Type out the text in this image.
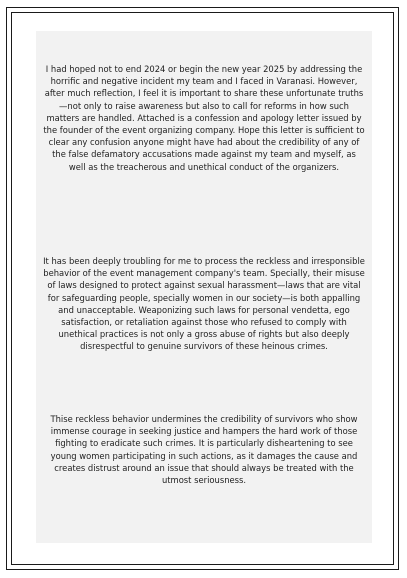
I had hoped not to end 2024 or begin the new year 2025 by addressing the horrific and negative incident my team and I faced in Varanasi. However, after much reflection, I feel it is important to share these unfortunate truths—not only to raise awareness but also to call for reforms in how such matters are handled. Attached is a confession and apology letter issued by the founder of the event organizing company. Hope this letter is sufficient to clear any confusion anyone might have had about the credibility of any of the false defamatory accusations made against my team and myself, as well as the treacherous and unethical conduct of the organizers.

It has been deeply troubling for me to process the reckless and irresponsible behavior of the event management company's team. Specially, their misuse of laws designed to protect against sexual harassment—laws that are vital for safeguarding people, specially women in our society—is both appalling and unacceptable. Weaponizing such laws for personal vendetta, ego satisfaction, or retaliation against those who refused to comply with unethical practices is not only a gross abuse of rights but also deeply disrespectful to genuine survivors of these heinous crimes.

Thise reckless behavior undermines the credibility of survivors who show immense courage in seeking justice and hampers the hard work of those fighting to eradicate such crimes. It is particularly disheartening to see young women participating in such actions, as it damages the cause and creates distrust around an issue that should always be treated with the utmost seriousness.
